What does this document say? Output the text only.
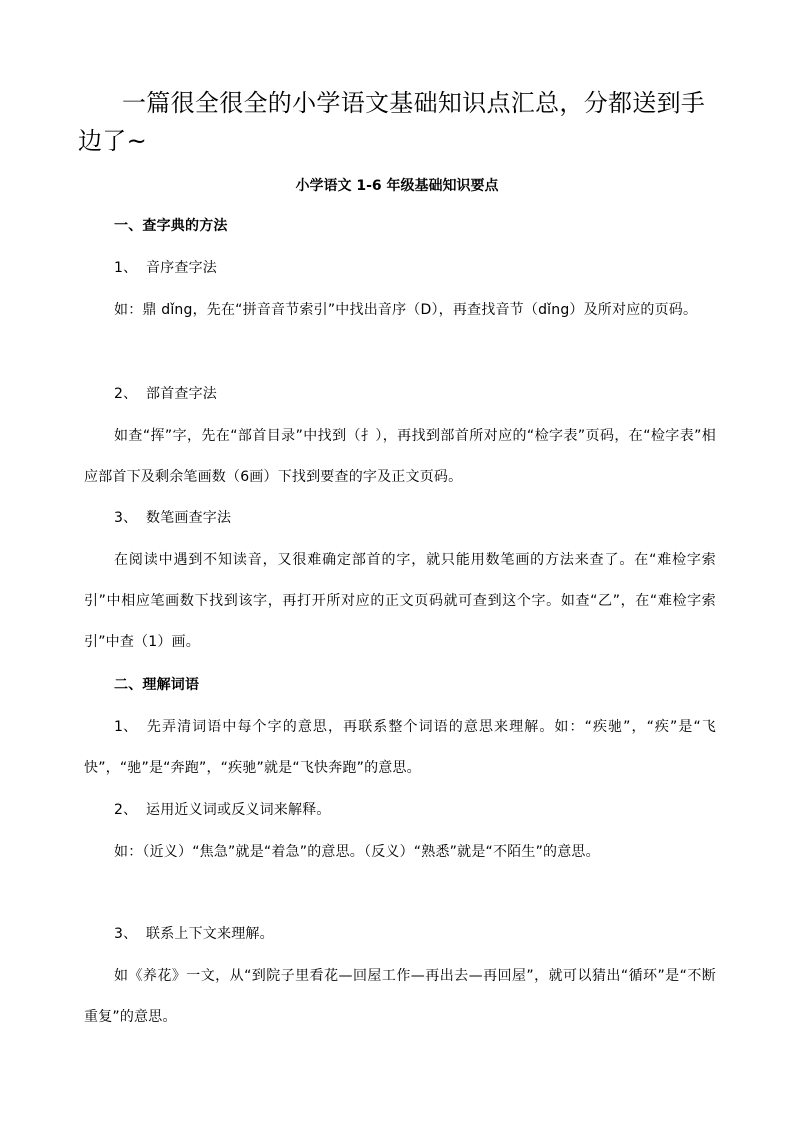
一篇很全很全的小学语文基础知识点汇总，分都送到手边了~
小学语文 1-6 年级基础知识要点

一、查字典的方法

1、 音序查字法

如：鼎 dǐng，先在“拼音音节索引”中找出音序（D），再查找音节（dǐng）及所对应的页码。

2、 部首查字法

如查“挥”字，先在“部首目录”中找到（扌），再找到部首所对应的“检字表”页码，在“检字表”相应部首下及剩余笔画数（6画）下找到要查的字及正文页码。

3、 数笔画查字法

在阅读中遇到不知读音，又很难确定部首的字，就只能用数笔画的方法来查了。在“难检字索引”中相应笔画数下找到该字，再打开所对应的正文页码就可查到这个字。如查“乙”，在“难检字索引”中查（1）画。

二、理解词语

1、 先弄清词语中每个字的意思，再联系整个词语的意思来理解。如：“疾驰”，“疾”是“飞快”，“驰”是“奔跑”，“疾驰”就是“飞快奔跑”的意思。

2、 运用近义词或反义词来解释。

如：（近义）“焦急”就是“着急”的意思。（反义）“熟悉”就是“不陌生”的意思。

3、 联系上下文来理解。

如《养花》一文，从“到院子里看花—回屋工作—再出去—再回屋”，就可以猜出“循环”是“不断重复”的意思。
